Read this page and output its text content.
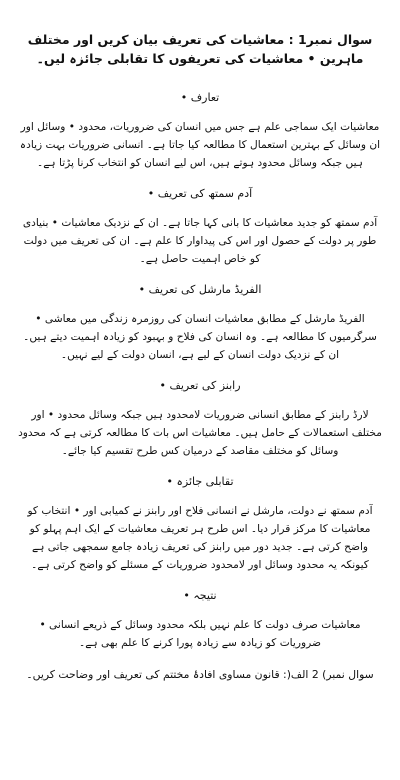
سوال نمبر1 : معاشیات کی تعریف بیان کریں اور مختلف ماہرین • معاشیات کی تعریفوں کا تقابلی جائزہ لیں۔
تعارف •
معاشیات ایک سماجی علم ہے جس میں انسان کی ضروریات، محدود • وسائل اور ان وسائل کے بہترین استعمال کا مطالعہ کیا جاتا ہے۔ انسانی ضروریات بہت زیادہ ہیں جبکہ وسائل محدود ہوتے ہیں، اس لیے انسان کو انتخاب کرنا پڑتا ہے۔
آدم سمتھ کی تعریف •
آدم سمتھ کو جدید معاشیات کا بانی کہا جاتا ہے۔ ان کے نزدیک معاشیات • بنیادی طور پر دولت کے حصول اور اس کی پیداوار کا علم ہے۔ ان کی تعریف میں دولت کو خاص اہمیت حاصل ہے۔
الفریڈ مارشل کی تعریف •
الفریڈ مارشل کے مطابق معاشیات انسان کی روزمرہ زندگی میں معاشی • سرگرمیوں کا مطالعہ ہے۔ وہ انسان کی فلاح و بہبود کو زیادہ اہمیت دیتے ہیں۔ ان کے نزدیک دولت انسان کے لیے ہے، انسان دولت کے لیے نہیں۔
رابنز کی تعریف •
لارڈ رابنز کے مطابق انسانی ضروریات لامحدود ہیں جبکہ وسائل محدود • اور مختلف استعمالات کے حامل ہیں۔ معاشیات اس بات کا مطالعہ کرتی ہے کہ محدود وسائل کو مختلف مقاصد کے درمیان کس طرح تقسیم کیا جائے۔
تقابلی جائزہ •
آدم سمتھ نے دولت، مارشل نے انسانی فلاح اور رابنز نے کمیابی اور • انتخاب کو معاشیات کا مرکز قرار دیا۔ اس طرح ہر تعریف معاشیات کے ایک اہم پہلو کو واضح کرتی ہے۔ جدید دور میں رابنز کی تعریف زیادہ جامع سمجھی جاتی ہے کیونکہ یہ محدود وسائل اور لامحدود ضروریات کے مسئلے کو واضح کرتی ہے۔
نتیجہ •
معاشیات صرف دولت کا علم نہیں بلکہ محدود وسائل کے ذریعے انسانی • ضروریات کو زیادہ سے زیادہ پورا کرنے کا علم بھی ہے۔
سوال نمبر) 2 الف(: قانون مساوی افادۂ مختتم کی تعریف اور وضاحت کریں۔
